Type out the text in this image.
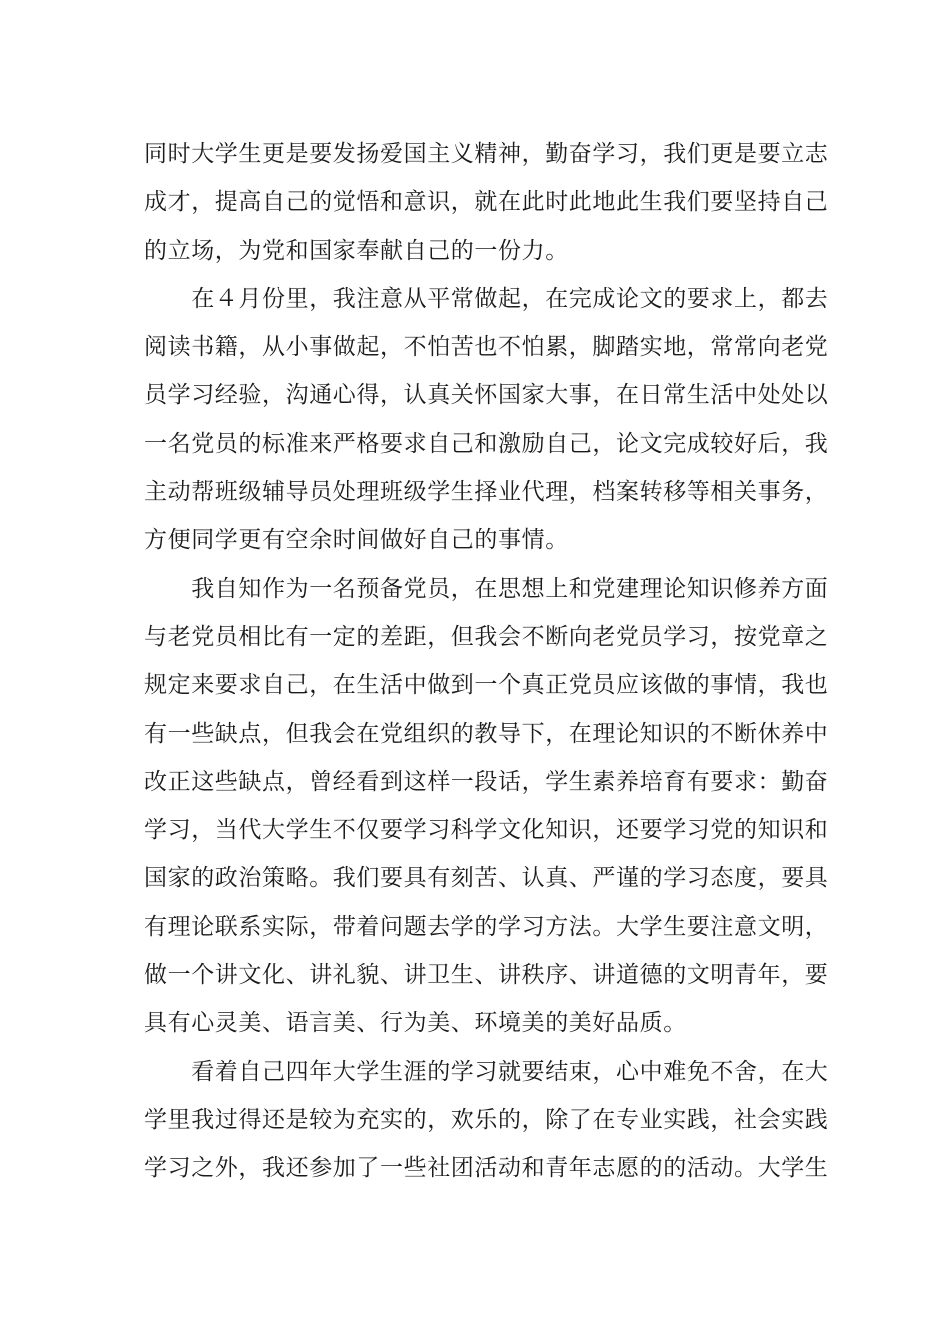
同时大学生更是要发扬爱国主义精神，勤奋学习，我们更是要立志
成才，提高自己的觉悟和意识，就在此时此地此生我们要坚持自己
的立场，为党和国家奉献自己的一份力。
　　在４月份里，我注意从平常做起，在完成论文的要求上，都去
阅读书籍，从小事做起，不怕苦也不怕累，脚踏实地，常常向老党
员学习经验，沟通心得，认真关怀国家大事，在日常生活中处处以
一名党员的标准来严格要求自己和激励自己，论文完成较好后，我
主动帮班级辅导员处理班级学生择业代理，档案转移等相关事务，
方便同学更有空余时间做好自己的事情。
　　我自知作为一名预备党员，在思想上和党建理论知识修养方面
与老党员相比有一定的差距，但我会不断向老党员学习，按党章之
规定来要求自己，在生活中做到一个真正党员应该做的事情，我也
有一些缺点，但我会在党组织的教导下，在理论知识的不断休养中
改正这些缺点，曾经看到这样一段话，学生素养培育有要求：勤奋
学习，当代大学生不仅要学习科学文化知识，还要学习党的知识和
国家的政治策略。我们要具有刻苦、认真、严谨的学习态度，要具
有理论联系实际，带着问题去学的学习方法。大学生要注意文明，
做一个讲文化、讲礼貌、讲卫生、讲秩序、讲道德的文明青年，要
具有心灵美、语言美、行为美、环境美的美好品质。
　　看着自己四年大学生涯的学习就要结束，心中难免不舍，在大
学里我过得还是较为充实的，欢乐的，除了在专业实践，社会实践
学习之外，我还参加了一些社团活动和青年志愿的的活动。大学生
